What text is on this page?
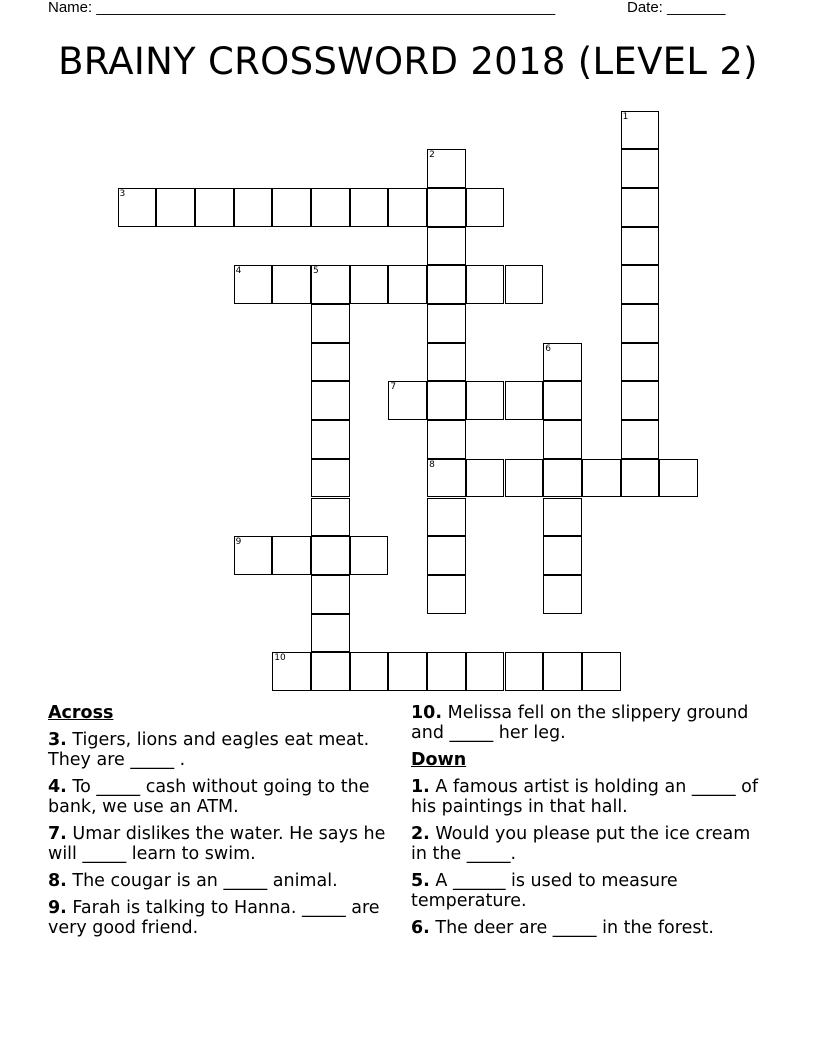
Name: _______________________________________________________	Date: _______
BRAINY CROSSWORD 2018 (LEVEL 2)
1
2
8
3
4	5
6
7
9
10
Across
3. Tigers, lions and eagles eat meat. They are _____ .
4. To _____ cash without going to the bank, we use an ATM.
7. Umar dislikes the water. He says he will _____ learn to swim.
8. The cougar is an _____ animal.
9. Farah is talking to Hanna. _____ are very good friend.
10. Melissa fell on the slippery ground and _____ her leg.
Down
1. A famous artist is holding an _____ of his paintings in that hall.
2. Would you please put the ice cream in the _____.
5. A ______ is used to measure temperature.
6. The deer are _____ in the forest.
